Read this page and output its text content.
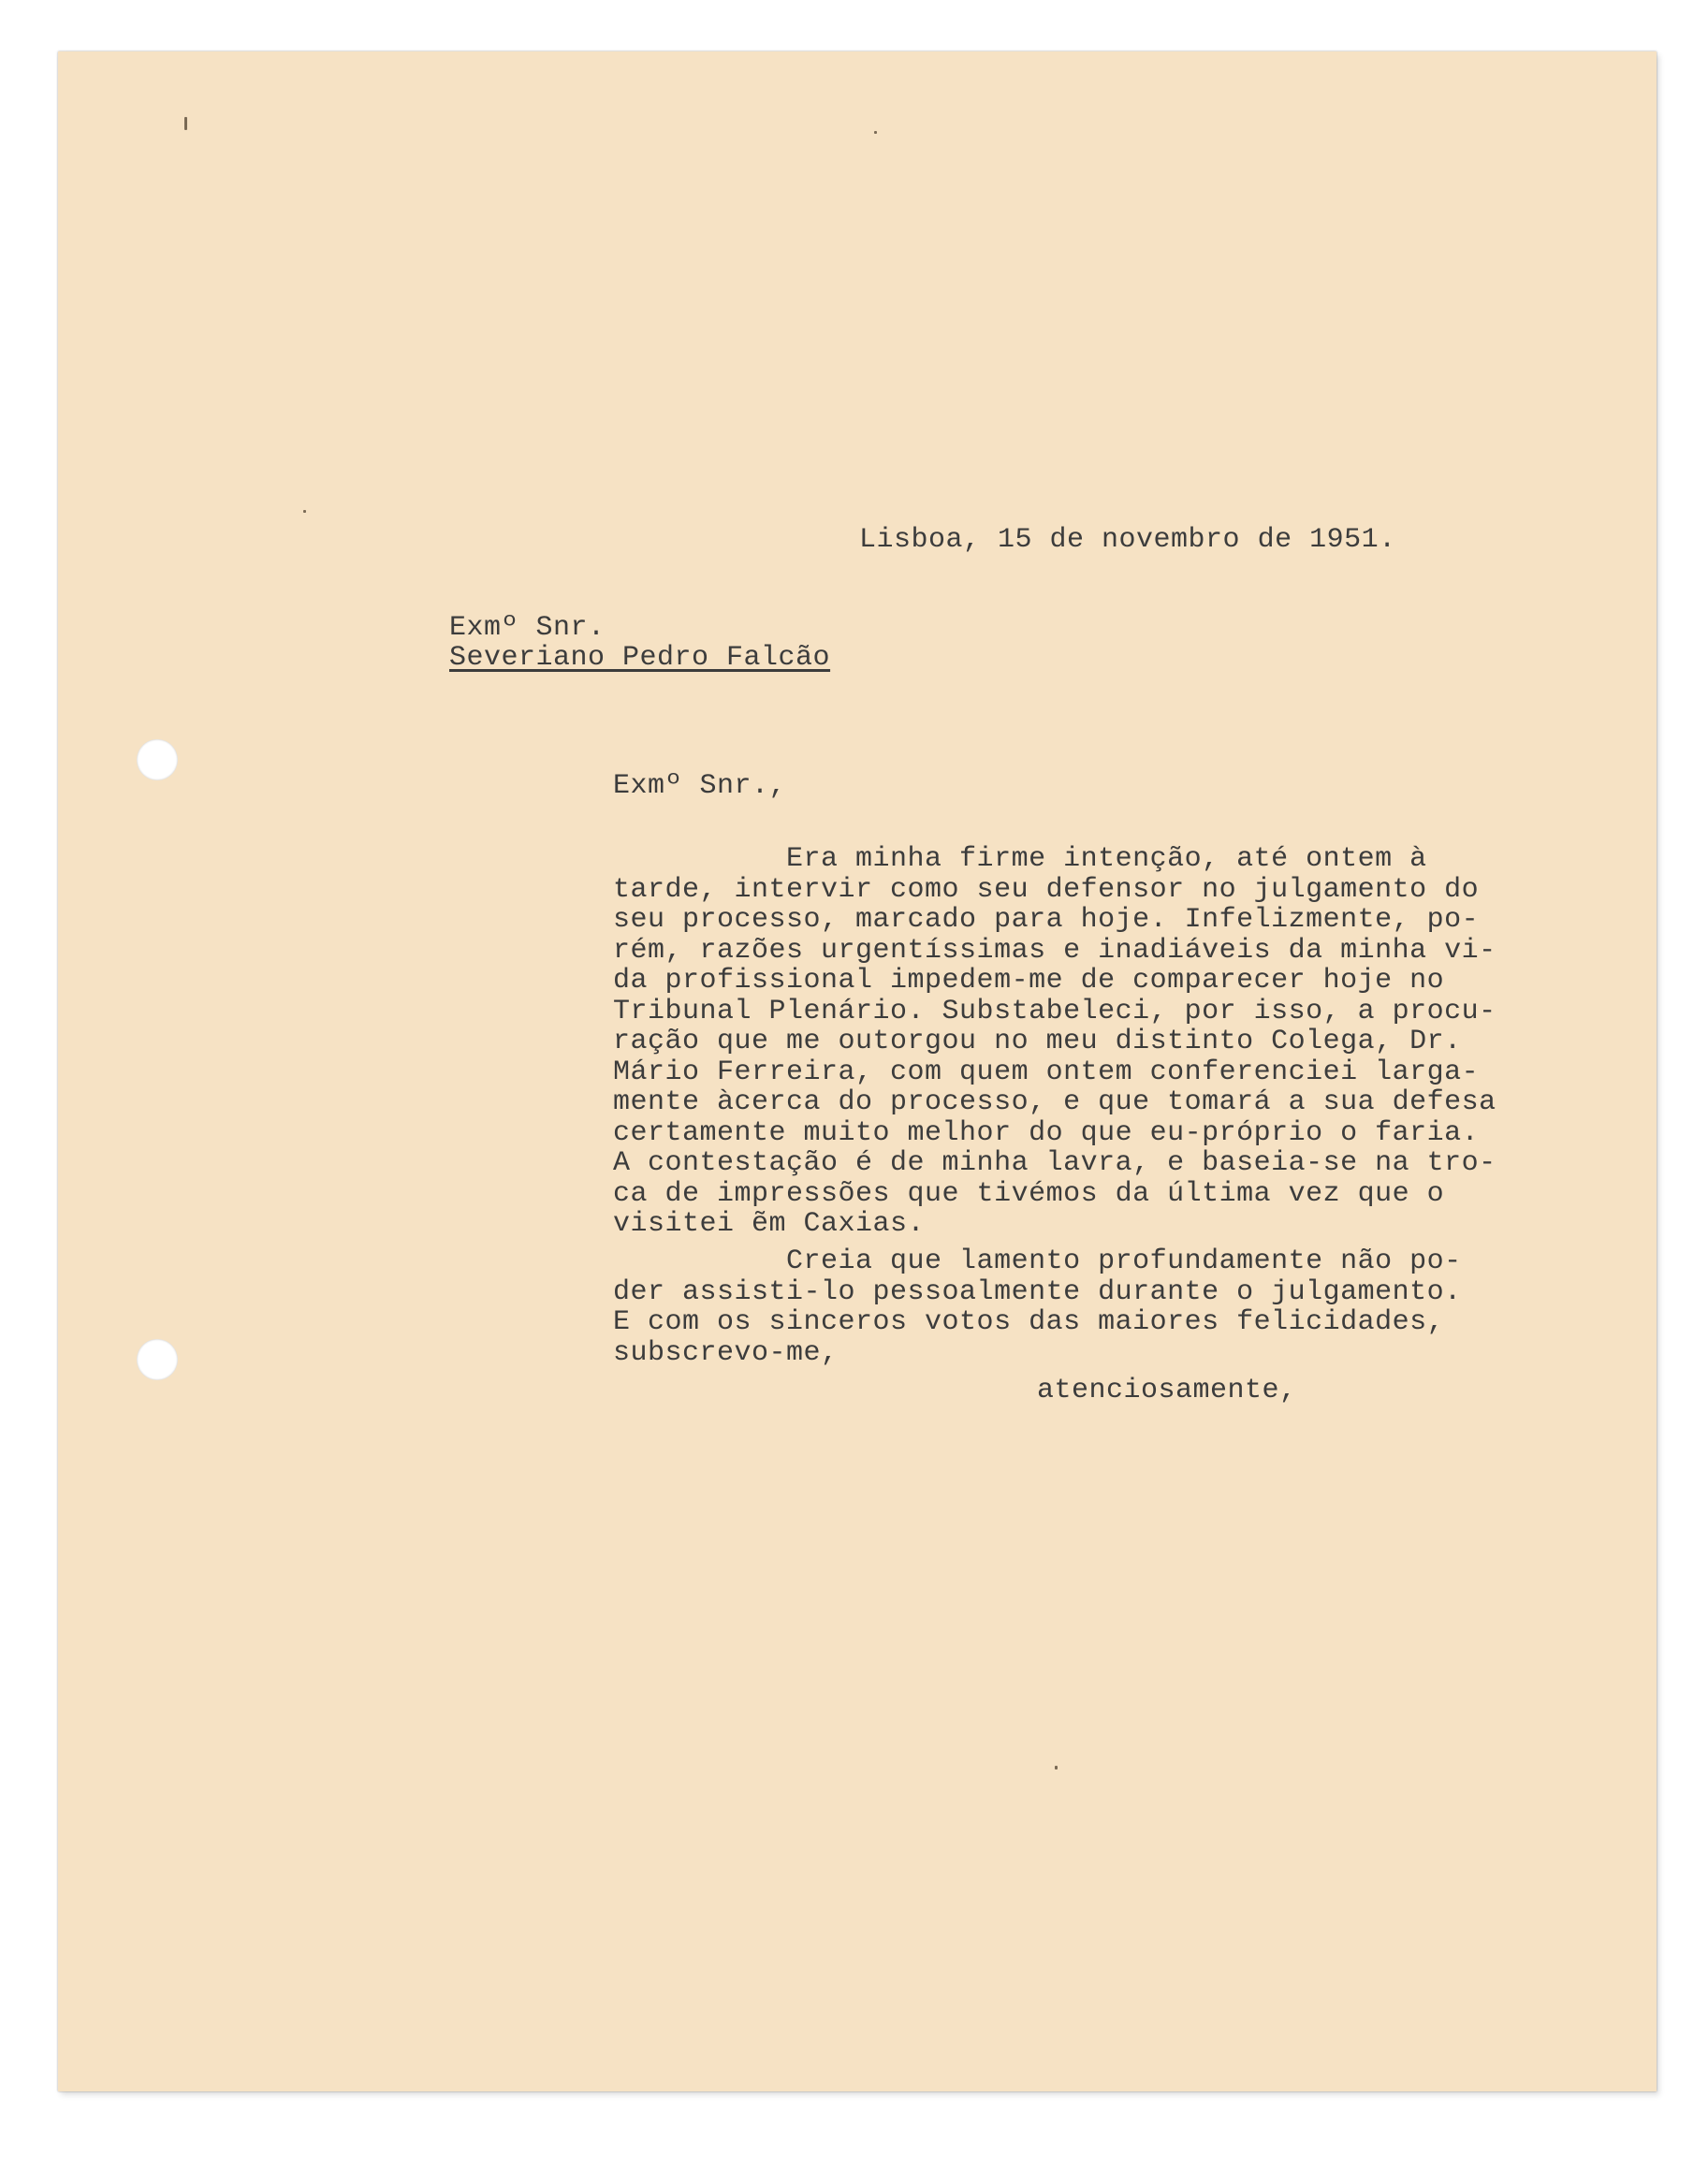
Lisboa, 15 de novembro de 1951.
Exmº Snr.
Severiano Pedro Falcão
Exmº Snr.,
Era minha firme intenção, até ontem à
tarde, intervir como seu defensor no julgamento do
seu processo, marcado para hoje. Infelizmente, po-
rém, razões urgentíssimas e inadiáveis da minha vi-
da profissional impedem-me de comparecer hoje no
Tribunal Plenário. Substabeleci, por isso, a procu-
ração que me outorgou no meu distinto Colega, Dr.
Mário Ferreira, com quem ontem conferenciei larga-
mente àcerca do processo, e que tomará a sua defesa
certamente muito melhor do que eu-próprio o faria.
A contestação é de minha lavra, e baseia-se na tro-
ca de impressões que tivémos da última vez que o
visitei ẽm Caxias.
Creia que lamento profundamente não po-
der assisti-lo pessoalmente durante o julgamento.
E com os sinceros votos das maiores felicidades,
subscrevo-me,
atenciosamente,
